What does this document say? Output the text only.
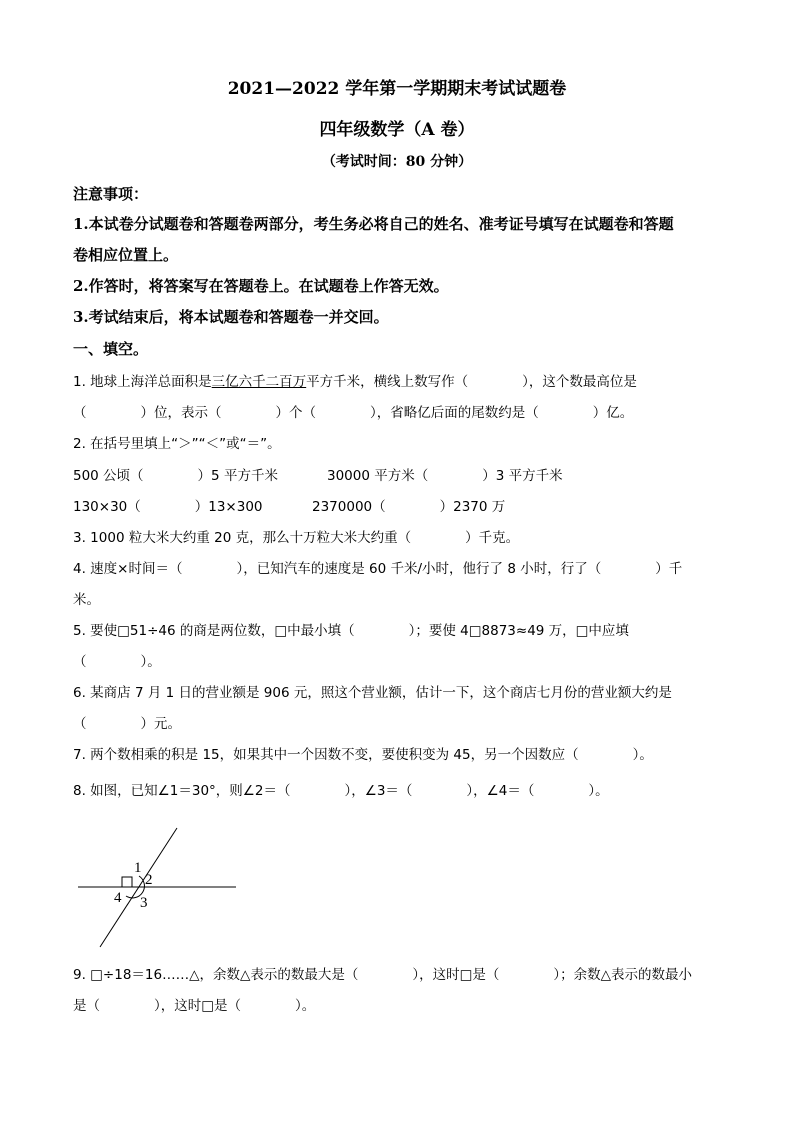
2021—2022 学年第一学期期末考试试题卷
四年级数学（A 卷）
（考试时间：80 分钟）
注意事项：
1.本试卷分试题卷和答题卷两部分，考生务必将自己的姓名、准考证号填写在试题卷和答题
卷相应位置上。
2.作答时，将答案写在答题卷上。在试题卷上作答无效。
3.考试结束后，将本试题卷和答题卷一并交回。
一、填空。
1. 地球上海洋总面积是三亿六千二百万平方千米，横线上数写作（　　　　），这个数最高位是
（　　　　）位，表示（　　　　）个（　　　　），省略亿后面的尾数约是（　　　　）亿。
2. 在括号里填上“＞”“＜”或“＝”。
500 公顷（　　　　）5 平方千米	30000 平方米（　　　　）3 平方千米
130×30（　　　　）13×300	2370000（　　　　）2370 万
3. 1000 粒大米大约重 20 克，那么十万粒大米大约重（　　　　）千克。
4. 速度×时间＝（　　　　），已知汽车的速度是 60 千米/小时，他行了 8 小时，行了（　　　　）千
米。
5. 要使□51÷46 的商是两位数，□中最小填（　　　　）；要使 4□8873≈49 万，□中应填
（　　　　）。
6. 某商店 7 月 1 日的营业额是 906 元，照这个营业额，估计一下，这个商店七月份的营业额大约是
（　　　　）元。
7. 两个数相乘的积是 15，如果其中一个因数不变，要使积变为 45，另一个因数应（　　　　）。
8. 如图，已知∠1＝30°，则∠2＝（　　　　），∠3＝（　　　　），∠4＝（　　　　）。
1
2
3
4
9. □÷18＝16……△，余数△表示的数最大是（　　　　），这时□是（　　　　）；余数△表示的数最小
是（　　　　），这时□是（　　　　）。
